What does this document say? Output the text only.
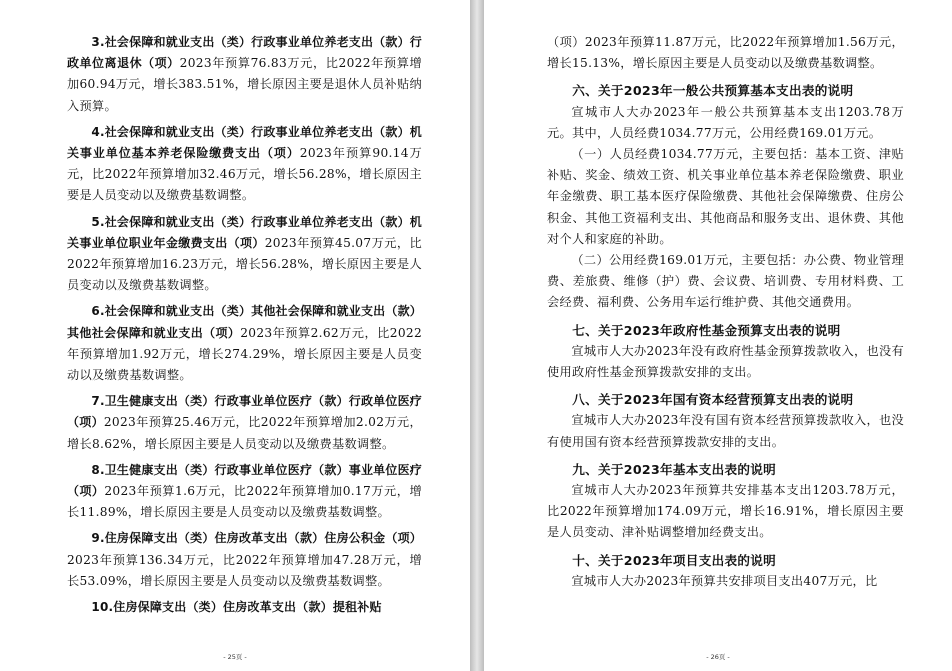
3.社会保障和就业支出（类）行政事业单位养老支出（款）行政单位离退休（项）2023年预算76.83万元，比2022年预算增加60.94万元，增长383.51%，增长原因主要是退休人员补贴纳入预算。

4.社会保障和就业支出（类）行政事业单位养老支出（款）机关事业单位基本养老保险缴费支出（项）2023年预算90.14万元，比2022年预算增加32.46万元，增长56.28%，增长原因主要是人员变动以及缴费基数调整。

5.社会保障和就业支出（类）行政事业单位养老支出（款）机关事业单位职业年金缴费支出（项）2023年预算45.07万元，比2022年预算增加16.23万元，增长56.28%，增长原因主要是人员变动以及缴费基数调整。

6.社会保障和就业支出（类）其他社会保障和就业支出（款）其他社会保障和就业支出（项）2023年预算2.62万元，比2022年预算增加1.92万元，增长274.29%，增长原因主要是人员变动以及缴费基数调整。

7.卫生健康支出（类）行政事业单位医疗（款）行政单位医疗（项）2023年预算25.46万元，比2022年预算增加2.02万元，增长8.62%，增长原因主要是人员变动以及缴费基数调整。

8.卫生健康支出（类）行政事业单位医疗（款）事业单位医疗（项）2023年预算1.6万元，比2022年预算增加0.17万元，增长11.89%，增长原因主要是人员变动以及缴费基数调整。

9.住房保障支出（类）住房改革支出（款）住房公积金（项）2023年预算136.34万元，比2022年预算增加47.28万元，增长53.09%，增长原因主要是人员变动以及缴费基数调整。

10.住房保障支出（类）住房改革支出（款）提租补贴

- 25页 -

（项）2023年预算11.87万元，比2022年预算增加1.56万元，增长15.13%，增长原因主要是人员变动以及缴费基数调整。

六、关于2023年一般公共预算基本支出表的说明

宣城市人大办2023年一般公共预算基本支出1203.78万元。其中，人员经费1034.77万元，公用经费169.01万元。

（一）人员经费1034.77万元，主要包括：基本工资、津贴补贴、奖金、绩效工资、机关事业单位基本养老保险缴费、职业年金缴费、职工基本医疗保险缴费、其他社会保障缴费、住房公积金、其他工资福利支出、其他商品和服务支出、退休费、其他对个人和家庭的补助。

（二）公用经费169.01万元，主要包括：办公费、物业管理费、差旅费、维修（护）费、会议费、培训费、专用材料费、工会经费、福利费、公务用车运行维护费、其他交通费用。

七、关于2023年政府性基金预算支出表的说明

宣城市人大办2023年没有政府性基金预算拨款收入，也没有使用政府性基金预算拨款安排的支出。

八、关于2023年国有资本经营预算支出表的说明

宣城市人大办2023年没有国有资本经营预算拨款收入，也没有使用国有资本经营预算拨款安排的支出。

九、关于2023年基本支出表的说明

宣城市人大办2023年预算共安排基本支出1203.78万元，比2022年预算增加174.09万元，增长16.91%，增长原因主要是人员变动、津补贴调整增加经费支出。

十、关于2023年项目支出表的说明

宣城市人大办2023年预算共安排项目支出407万元，比

- 26页 -
